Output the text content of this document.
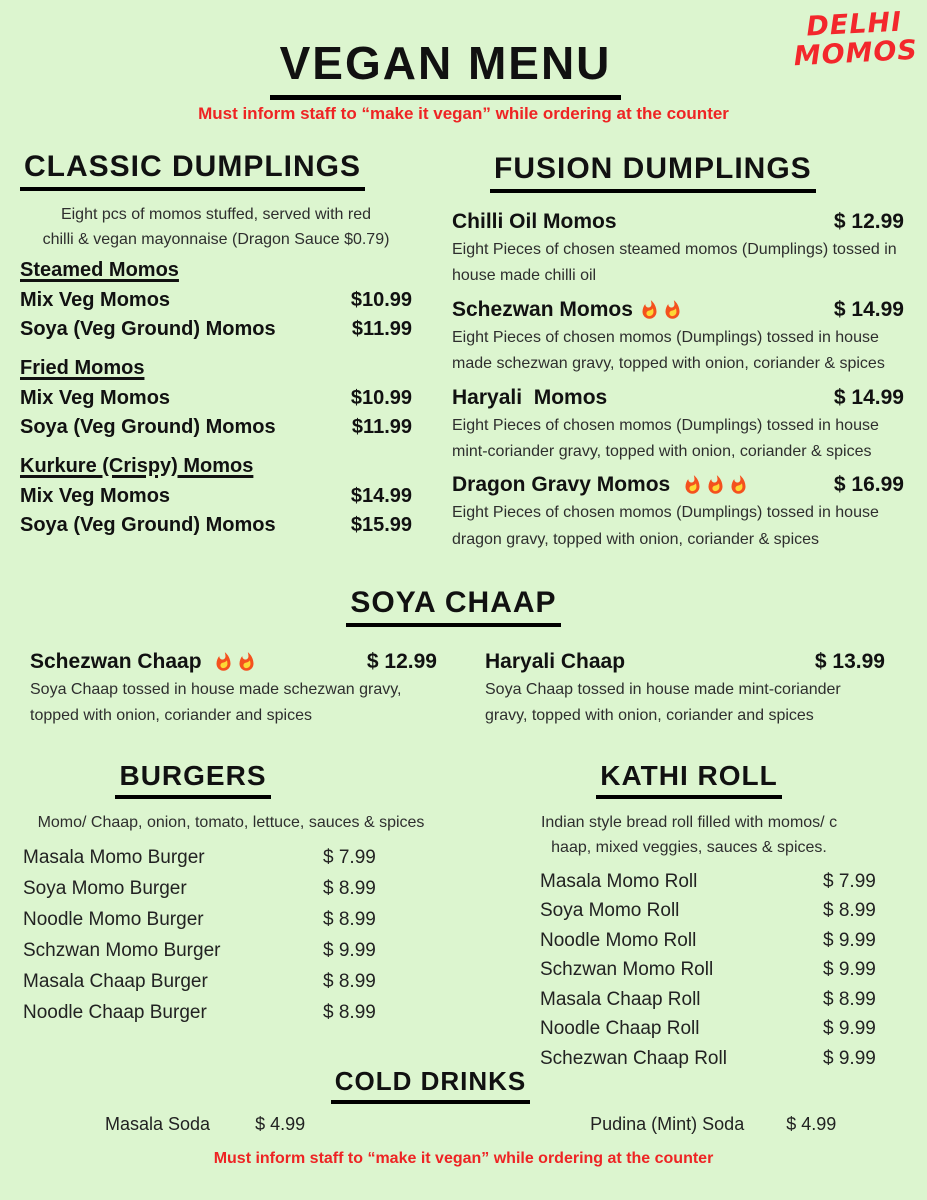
DELHI
MOMOS
VEGAN MENU
Must inform staff to “make it vegan” while ordering at the counter
CLASSIC DUMPLINGS

Eight pcs of momos stuffed, served with red
chilli & vegan mayonnaise (Dragon Sauce $0.79)

Steamed Momos
Mix Veg Momos	$10.99
Soya (Veg Ground) Momos	$11.99
Fried Momos
Mix Veg Momos	$10.99
Soya (Veg Ground) Momos	$11.99
Kurkure (Crispy) Momos
Mix Veg Momos	$14.99
Soya (Veg Ground) Momos	$15.99
FUSION DUMPLINGS
Chilli Oil Momos	$ 12.99

Eight Pieces of chosen steamed momos (Dumplings) tossed in house made chilli oil

Schezwan Momos	$ 14.99

Eight Pieces of chosen momos (Dumplings) tossed in house made schezwan gravy, topped with onion, coriander & spices

Haryali  Momos	$ 14.99

Eight Pieces of chosen momos (Dumplings) tossed in house mint-coriander gravy, topped with onion, coriander & spices

Dragon Gravy Momos	$ 16.99

Eight Pieces of chosen momos (Dumplings) tossed in house dragon gravy, topped with onion, coriander & spices

SOYA CHAAP
Schezwan Chaap	$ 12.99

Soya Chaap tossed in house made schezwan gravy, topped with onion, coriander and spices

Haryali Chaap	$ 13.99

Soya Chaap tossed in house made mint-coriander gravy, topped with onion, coriander and spices

BURGERS

Momo/ Chaap, onion, tomato, lettuce, sauces & spices

Masala Momo Burger	$ 7.99
Soya Momo Burger	$ 8.99
Noodle Momo Burger	$ 8.99
Schzwan Momo Burger	$ 9.99
Masala Chaap Burger	$ 8.99
Noodle Chaap Burger	$ 8.99
KATHI ROLL

Indian style bread roll filled with momos/ c
haap, mixed veggies, sauces & spices.

Masala Momo Roll	$ 7.99
Soya Momo Roll	$ 8.99
Noodle Momo Roll	$ 9.99
Schzwan Momo Roll	$ 9.99
Masala Chaap Roll	$ 8.99
Noodle Chaap Roll	$ 9.99
Schezwan Chaap Roll	$ 9.99
COLD DRINKS
Masala Soda	$ 4.99	Pudina (Mint) Soda $ 4.99
Must inform staff to “make it vegan” while ordering at the counter
